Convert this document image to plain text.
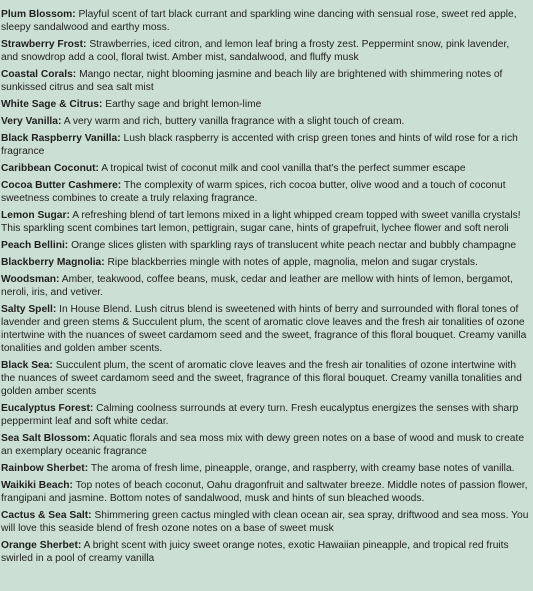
Plum Blossom: Playful scent of tart black currant and sparkling wine dancing with sensual rose, sweet red apple, sleepy sandalwood and earthy moss.

Strawberry Frost: Strawberries, iced citron, and lemon leaf bring a frosty zest. Peppermint snow, pink lavender, and snowdrop add a cool, floral twist. Amber mist, sandalwood, and fluffy musk

Coastal Corals: Mango nectar, night blooming jasmine and beach lily are brightened with shimmering notes of sunkissed citrus and sea salt mist

White Sage & Citrus: Earthy sage and bright lemon-lime

Very Vanilla: A very warm and rich, buttery vanilla fragrance with a slight touch of cream.

Black Raspberry Vanilla: Lush black raspberry is accented with crisp green tones and hints of wild rose for a rich fragrance

Caribbean Coconut: A tropical twist of coconut milk and cool vanilla that's the perfect summer escape

Cocoa Butter Cashmere: The complexity of warm spices, rich cocoa butter, olive wood and a touch of coconut sweetness combines to create a truly relaxing fragrance.

Lemon Sugar: A refreshing blend of tart lemons mixed in a light whipped cream topped with sweet vanilla crystals! This sparkling scent combines tart lemon, pettigrain, sugar cane, hints of grapefruit, lychee flower and soft neroli

Peach Bellini: Orange slices glisten with sparkling rays of translucent white peach nectar and bubbly champagne

Blackberry Magnolia: Ripe blackberries mingle with notes of apple, magnolia, melon and sugar crystals.

Woodsman: Amber, teakwood, coffee beans, musk, cedar and leather are mellow with hints of lemon, bergamot, neroli, iris, and vetiver.

Salty Spell: In House Blend. Lush citrus blend is sweetened with hints of berry and surrounded with floral tones of lavender and green stems & Succulent plum, the scent of aromatic clove leaves and the fresh air tonalities of ozone intertwine with the nuances of sweet cardamom seed and the sweet, fragrance of this floral bouquet. Creamy vanilla tonalities and golden amber scents.

Black Sea: Succulent plum, the scent of aromatic clove leaves and the fresh air tonalities of ozone intertwine with the nuances of sweet cardamom seed and the sweet, fragrance of this floral bouquet. Creamy vanilla tonalities and golden amber scents

Eucalyptus Forest: Calming coolness surrounds at every turn. Fresh eucalyptus energizes the senses with sharp peppermint leaf and soft white cedar.

Sea Salt Blossom: Aquatic florals and sea moss mix with dewy green notes on a base of wood and musk to create an exemplary oceanic fragrance

Rainbow Sherbet: The aroma of fresh lime, pineapple, orange, and raspberry, with creamy base notes of vanilla.

Waikiki Beach: Top notes of beach coconut, Oahu dragonfruit and saltwater breeze. Middle notes of passion flower, frangipani and jasmine. Bottom notes of sandalwood, musk and hints of sun bleached woods.

Cactus & Sea Salt: Shimmering green cactus mingled with clean ocean air, sea spray, driftwood and sea moss. You will love this seaside blend of fresh ozone notes on a base of sweet musk

Orange Sherbet: A bright scent with juicy sweet orange notes, exotic Hawaiian pineapple, and tropical red fruits swirled in a pool of creamy vanilla
